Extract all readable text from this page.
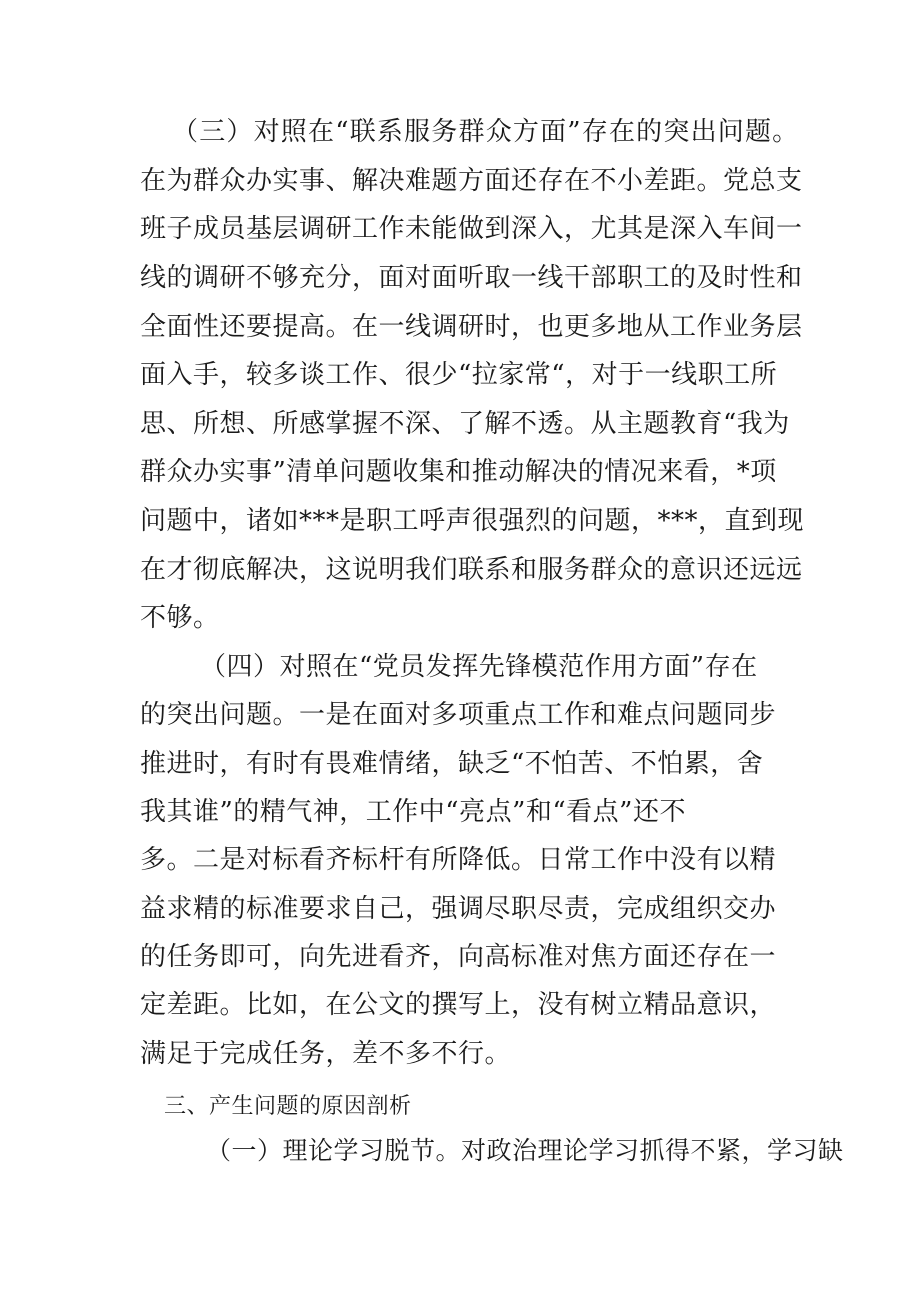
（三）对照在“联系服务群众方面”存在的突出问题。
在为群众办实事、解决难题方面还存在不小差距。党总支
班子成员基层调研工作未能做到深入，尤其是深入车间一
线的调研不够充分，面对面听取一线干部职工的及时性和
全面性还要提高。在一线调研时，也更多地从工作业务层
面入手，较多谈工作、很少“拉家常“，对于一线职工所
思、所想、所感掌握不深、了解不透。从主题教育“我为
群众办实事”清单问题收集和推动解决的情况来看，*项
问题中，诸如***是职工呼声很强烈的问题，***，直到现
在才彻底解决，这说明我们联系和服务群众的意识还远远
不够。
（四）对照在“党员发挥先锋模范作用方面”存在
的突出问题。一是在面对多项重点工作和难点问题同步
推进时，有时有畏难情绪，缺乏“不怕苦、不怕累，舍
我其谁”的精气神，工作中“亮点”和“看点”还不
多。二是对标看齐标杆有所降低。日常工作中没有以精
益求精的标准要求自己，强调尽职尽责，完成组织交办
的任务即可，向先进看齐，向高标准对焦方面还存在一
定差距。比如，在公文的撰写上，没有树立精品意识，
满足于完成任务，差不多不行。
三、产生问题的原因剖析
（一）理论学习脱节。对政治理论学习抓得不紧，学习缺
